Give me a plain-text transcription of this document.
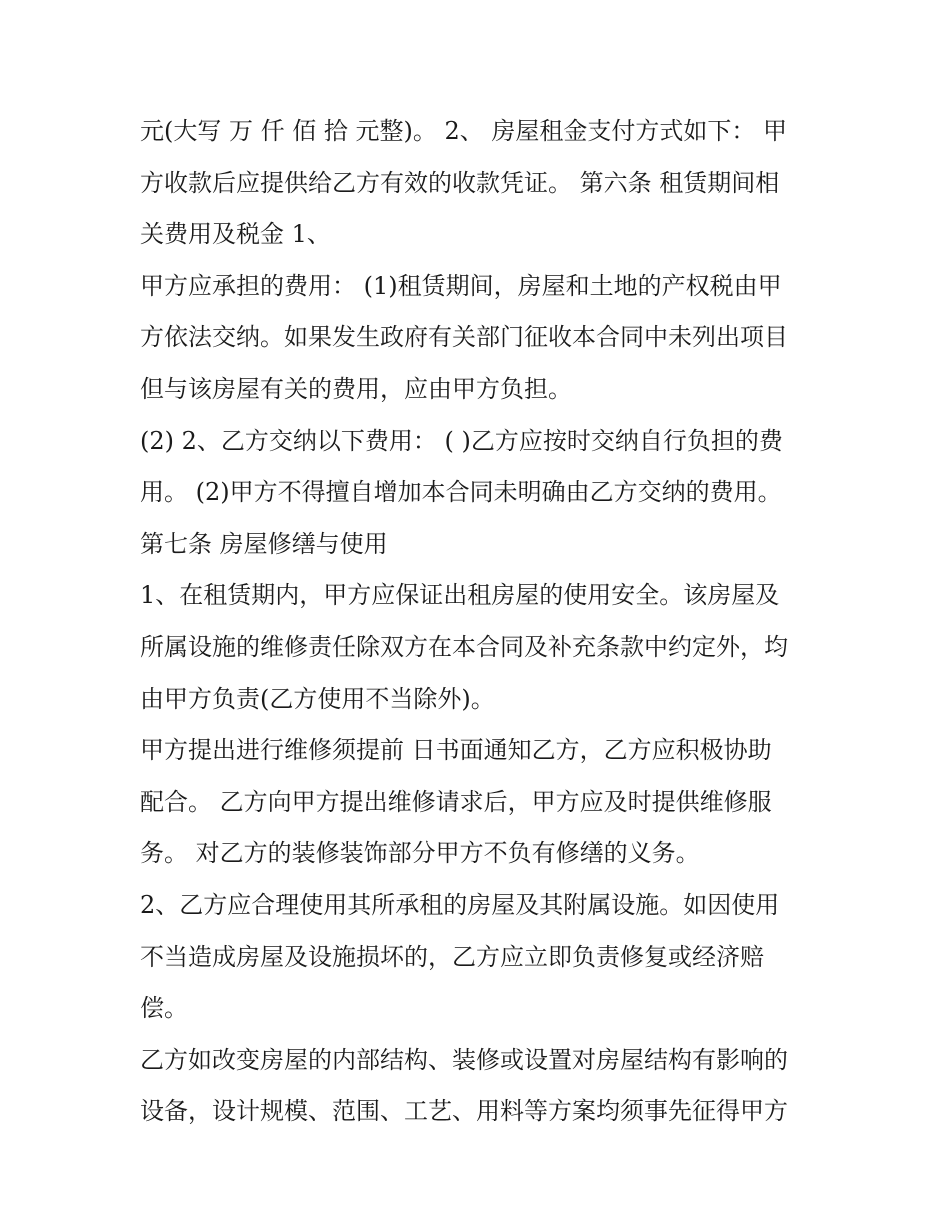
元(大写 万 仟 佰 拾 元整)。 2、 房屋租金支付方式如下： 甲
方收款后应提供给乙方有效的收款凭证。 第六条 租赁期间相
关费用及税金 1、
甲方应承担的费用： (1)租赁期间，房屋和土地的产权税由甲
方依法交纳。如果发生政府有关部门征收本合同中未列出项目
但与该房屋有关的费用，应由甲方负担。
(2) 2、乙方交纳以下费用： ( )乙方应按时交纳自行负担的费
用。 (2)甲方不得擅自增加本合同未明确由乙方交纳的费用。
第七条 房屋修缮与使用
1、在租赁期内，甲方应保证出租房屋的使用安全。该房屋及
所属设施的维修责任除双方在本合同及补充条款中约定外，均
由甲方负责(乙方使用不当除外)。
甲方提出进行维修须提前 日书面通知乙方，乙方应积极协助
配合。 乙方向甲方提出维修请求后，甲方应及时提供维修服
务。 对乙方的装修装饰部分甲方不负有修缮的义务。
2、乙方应合理使用其所承租的房屋及其附属设施。如因使用
不当造成房屋及设施损坏的，乙方应立即负责修复或经济赔
偿。
乙方如改变房屋的内部结构、装修或设置对房屋结构有影响的
设备，设计规模、范围、工艺、用料等方案均须事先征得甲方
